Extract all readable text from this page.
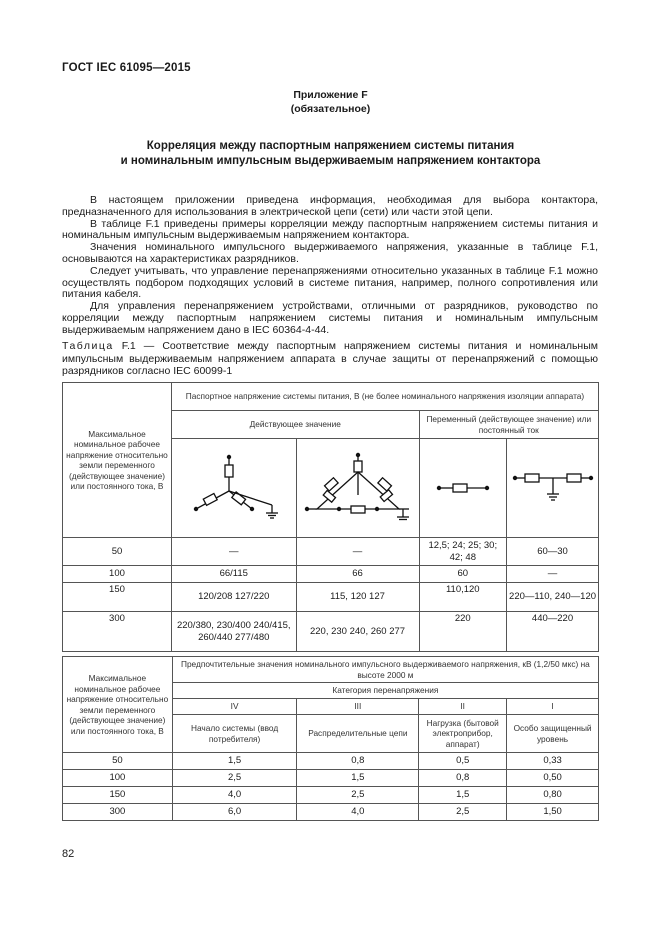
ГОСТ IEC 61095—2015
Приложение F
(обязательное)
Корреляция между паспортным напряжением системы питания
и номинальным импульсным выдерживаемым напряжением контактора

В настоящем приложении приведена информация, необходимая для выбора контактора, предназначенного для использования в электрической цепи (сети) или части этой цепи.

В таблице F.1 приведены примеры корреляции между паспортным напряжением системы питания и номинальным импульсным выдерживаемым напряжением контактора.

Значения номинального импульсного выдерживаемого напряжения, указанные в таблице F.1, основываются на характеристиках разрядников.

Следует учитывать, что управление перенапряжениями относительно указанных в таблице F.1 можно осуществлять подбором подходящих условий в системе питания, например, полного сопротивления или питания кабеля.

Для управления перенапряжением устройствами, отличными от разрядников, руководство по корреляции между паспортным напряжением системы питания и номинальным импульсным выдерживаемым напряжением дано в IEC 60364-4-44.

Таблица F.1 — Соответствие между паспортным напряжением системы питания и номинальным импульсным выдерживаемым напряжением аппарата в случае защиты от перенапряжений с помощью разрядников согласно IEC 60099-1
Максимальное номинальное рабочее напряжение относительно земли переменного (действующее значение) или постоянного тока, В	Паспортное напряжение системы питания, В (не более номинального напряжения изоляции аппарата)			
	Действующее значение		Переменный (действующее значение) или постоянный ток	

50	—	—	12,5; 24; 25; 30; 42; 48	60—30
100	66/115	66	60	—
150	120/208 127/220	115, 120 127	110,120	220—110, 240—120
300	220/380, 230/400 240/415, 260/440 277/480	220, 230 240, 260 277	220	440—220
Максимальное номинальное рабочее напряжение относительно земли переменного (действующее значение) или постоянного тока, В	Предпочтительные значения номинального импульсного выдерживаемого напряжения, кВ (1,2/50 мкс) на высоте 2000 м			
	Категория перенапряжения			
	IV	III	II	I
	Начало системы (ввод потребителя)	Распределительные цепи	Нагрузка (бытовой электроприбор, аппарат)	Особо защищенный уровень
50	1,5	0,8	0,5	0,33
100	2,5	1,5	0,8	0,50
150	4,0	2,5	1,5	0,80
300	6,0	4,0	2,5	1,50
82
